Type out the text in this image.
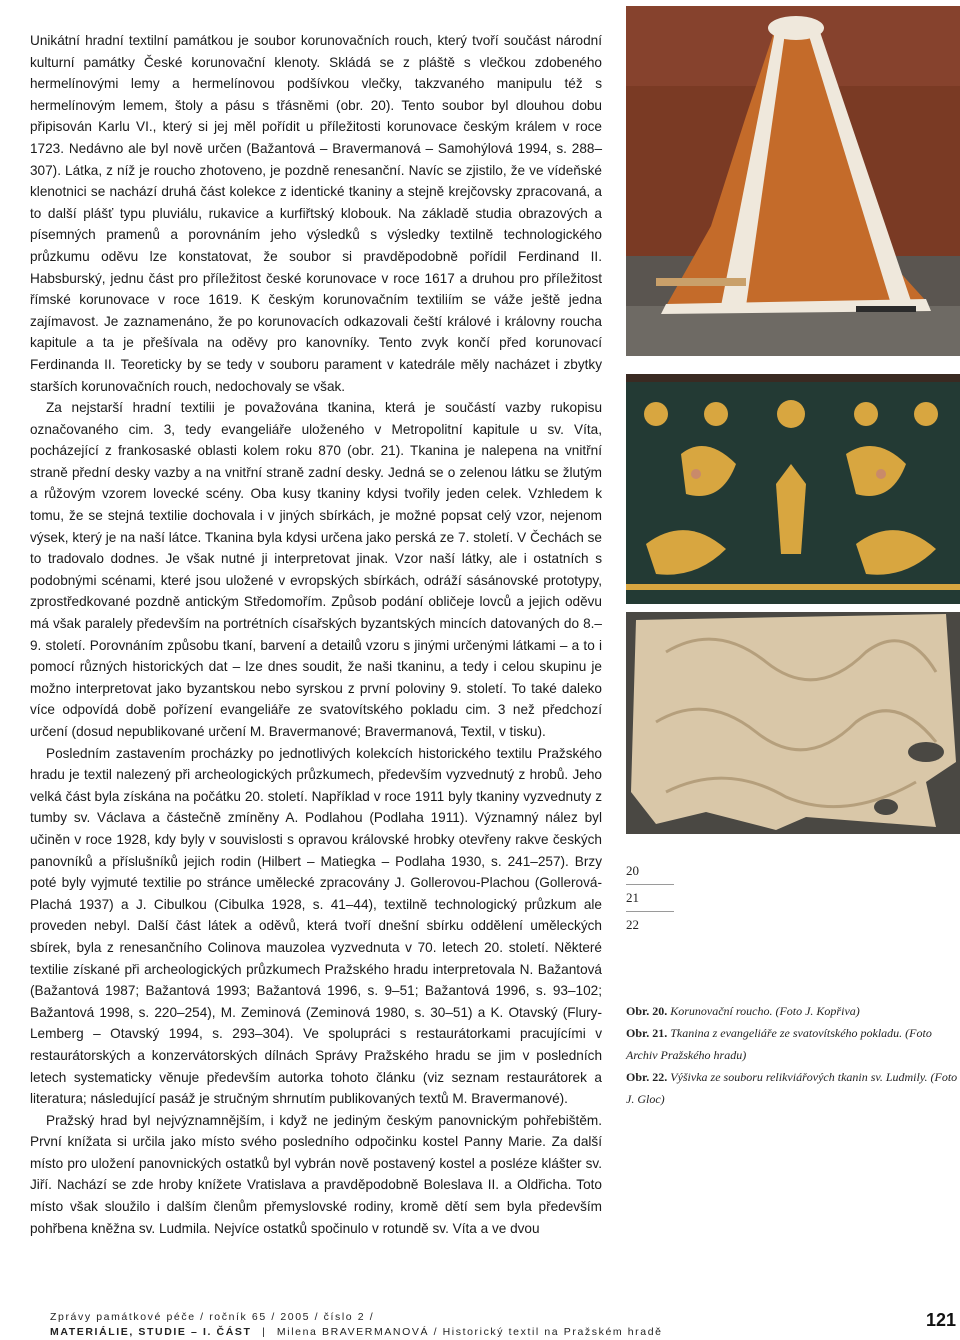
Unikátní hradní textilní památkou je soubor korunovačních rouch, který tvoří součást národní kulturní památky České korunovační klenoty. Skládá se z pláště s vlečkou zdobeného hermelínovými lemy a hermelínovou podšívkou vlečky, takzvaného manipulu též s hermelínovým lemem, štoly a pásu s třásněmi (obr. 20). Tento soubor byl dlouhou dobu připisován Karlu VI., který si jej měl pořídit u příležitosti korunovace českým králem v roce 1723. Nedávno ale byl nově určen (Bažantová – Bravermanová – Samohýlová 1994, s. 288–307). Látka, z níž je roucho zhotoveno, je pozdně renesanční. Navíc se zjistilo, že ve vídeňské klenotnici se nachází druhá část kolekce z identické tkaniny a stejně krejčovsky zpracovaná, a to další plášť typu pluviálu, rukavice a kurfiřtský klobouk. Na základě studia obrazových a písemných pramenů a porovnáním jeho výsledků s výsledky textilně technologického průzkumu oděvu lze konstatovat, že soubor si pravděpodobně pořídil Ferdinand II. Habsburský, jednu část pro příležitost české korunovace v roce 1617 a druhou pro příležitost římské korunovace v roce 1619. K českým korunovačním textiliím se váže ještě jedna zajímavost. Je zaznamenáno, že po korunovacích odkazovali čeští králové i královny roucha kapitule a ta je přešívala na oděvy pro kanovníky. Tento zvyk končí před korunovací Ferdinanda II. Teoreticky by se tedy v souboru parament v katedrále měly nacházet i zbytky starších korunovačních rouch, nedochovaly se však.

Za nejstarší hradní textilii je považována tkanina, která je součástí vazby rukopisu označovaného cim. 3, tedy evangeliáře uloženého v Metropolitní kapitule u sv. Víta, pocházející z frankosaské oblasti kolem roku 870 (obr. 21). Tkanina je nalepena na vnitřní straně přední desky vazby a na vnitřní straně zadní desky. Jedná se o zelenou látku se žlutým a růžovým vzorem lovecké scény. Oba kusy tkaniny kdysi tvořily jeden celek. Vzhledem k tomu, že se stejná textilie dochovala i v jiných sbírkách, je možné popsat celý vzor, nejenom výsek, který je na naší látce. Tkanina byla kdysi určena jako perská ze 7. století. V Čechách se to tradovalo dodnes. Je však nutné ji interpretovat jinak. Vzor naší látky, ale i ostatních s podobnými scénami, které jsou uložené v evropských sbírkách, odráží sásánovské prototypy, zprostředkované pozdně antickým Středomořím. Způsob podání obličeje lovců a jejich oděvu má však paralely především na portrétních císařských byzantských mincích datovaných do 8.–9. století. Porovnáním způsobu tkaní, barvení a detailů vzoru s jinými určenými látkami – a to i pomocí různých historických dat – lze dnes soudit, že naši tkaninu, a tedy i celou skupinu je možno interpretovat jako byzantskou nebo syrskou z první poloviny 9. století. To také daleko více odpovídá době pořízení evangeliáře ze svatovítského pokladu cim. 3 než předchozí určení (dosud nepublikované určení M. Bravermanové; Bravermanová, Textil, v tisku).

Posledním zastavením procházky po jednotlivých kolekcích historického textilu Pražského hradu je textil nalezený při archeologických průzkumech, především vyzvednutý z hrobů. Jeho velká část byla získána na počátku 20. století. Například v roce 1911 byly tkaniny vyzvednuty z tumby sv. Václava a částečně zmíněny A. Podlahou (Podlaha 1911). Významný nález byl učiněn v roce 1928, kdy byly v souvislosti s opravou královské hrobky otevřeny rakve českých panovníků a příslušníků jejich rodin (Hilbert – Matiegka – Podlaha 1930, s. 241–257). Brzy poté byly vyjmuté textilie po stránce umělecké zpracovány J. Gollerovou-Plachou (Gollerová-Plachá 1937) a J. Cibulkou (Cibulka 1928, s. 41–44), textilně technologický průzkum ale proveden nebyl. Další část látek a oděvů, která tvoří dnešní sbírku oddělení uměleckých sbírek, byla z renesančního Colinova mauzolea vyzvednuta v 70. letech 20. století. Některé textilie získané při archeologických průzkumech Pražského hradu interpretovala N. Bažantová (Bažantová 1987; Bažantová 1993; Bažantová 1996, s. 9–51; Bažantová 1996, s. 93–102; Bažantová 1998, s. 220–254), M. Zeminová (Zeminová 1980, s. 30–51) a K. Otavský (Flury-Lemberg – Otavský 1994, s. 293–304). Ve spolupráci s restaurátorkami pracujícími v restaurátorských a konzervátorských dílnách Správy Pražského hradu se jim v posledních letech systematicky věnuje především autorka tohoto článku (viz seznam restaurátorek a literatura; následující pasáž je stručným shrnutím publikovaných textů M. Bravermanové).

Pražský hrad byl nejvýznamnějším, i když ne jediným českým panovnickým pohřebištěm. První knížata si určila jako místo svého posledního odpočinku kostel Panny Marie. Za další místo pro uložení panovnických ostatků byl vybrán nově postavený kostel a posléze klášter sv. Jiří. Nachází se zde hroby knížete Vratislava a pravděpodobně Boleslava II. a Oldřicha. Toto místo však sloužilo i dalším členům přemyslovské rodiny, kromě dětí sem byla především pohřbena kněžna sv. Ludmila. Nejvíce ostatků spočinulo v rotundě sv. Víta a ve dvou

20
21
22

Obr. 20. Korunovační roucho. (Foto J. Kopřiva)

Obr. 21. Tkanina z evangeliáře ze svatovítského pokladu. (Foto Archiv Pražského hradu)

Obr. 22. Výšivka ze souboru relikviářových tkanin sv. Ludmily. (Foto J. Gloc)

Zprávy památkové péče / ročník 65 / 2005 / číslo 2 /
MATERIÁLIE, STUDIE – I. ČÁST | Milena BRAVERMANOVÁ / Historický textil na Pražském hradě
121
